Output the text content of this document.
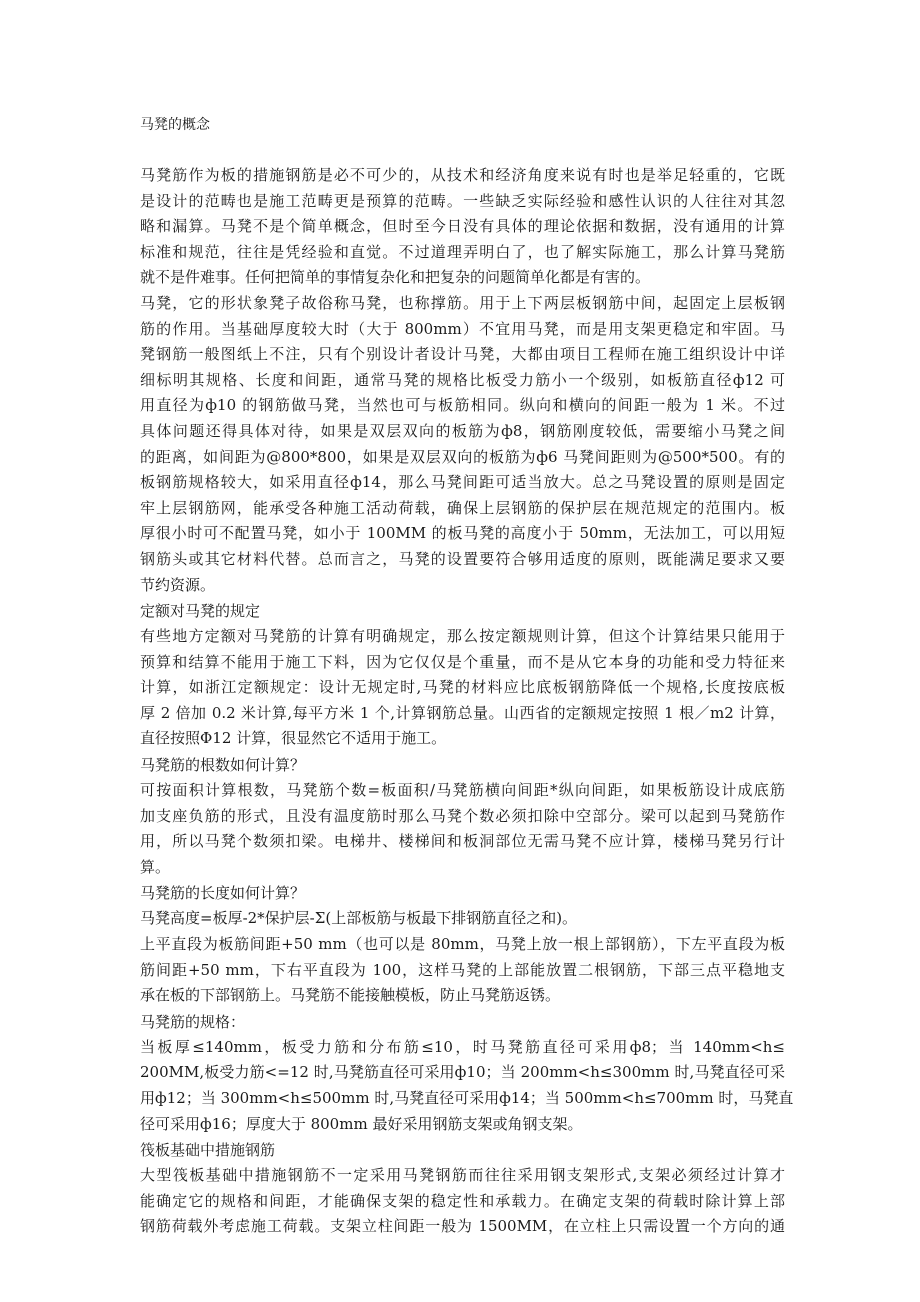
马凳的概念

马凳筋作为板的措施钢筋是必不可少的，从技术和经济角度来说有时也是举足轻重的，它既

是设计的范畴也是施工范畴更是预算的范畴。一些缺乏实际经验和感性认识的人往往对其忽

略和漏算。马凳不是个简单概念，但时至今日没有具体的理论依据和数据，没有通用的计算

标准和规范，往往是凭经验和直觉。不过道理弄明白了，也了解实际施工，那么计算马凳筋

就不是件难事。任何把简单的事情复杂化和把复杂的问题简单化都是有害的。

马凳，它的形状象凳子故俗称马凳，也称撑筋。用于上下两层板钢筋中间，起固定上层板钢

筋的作用。当基础厚度较大时（大于 800mm）不宜用马凳，而是用支架更稳定和牢固。马

凳钢筋一般图纸上不注，只有个别设计者设计马凳，大都由项目工程师在施工组织设计中详

细标明其规格、长度和间距，通常马凳的规格比板受力筋小一个级别，如板筋直径ф12 可

用直径为ф10 的钢筋做马凳，当然也可与板筋相同。纵向和横向的间距一般为 1 米。不过

具体问题还得具体对待，如果是双层双向的板筋为ф8，钢筋刚度较低，需要缩小马凳之间

的距离，如间距为@800*800，如果是双层双向的板筋为ф6 马凳间距则为@500*500。有的

板钢筋规格较大，如采用直径ф14，那么马凳间距可适当放大。总之马凳设置的原则是固定

牢上层钢筋网，能承受各种施工活动荷载，确保上层钢筋的保护层在规范规定的范围内。板

厚很小时可不配置马凳，如小于 100MM 的板马凳的高度小于 50mm，无法加工，可以用短

钢筋头或其它材料代替。总而言之，马凳的设置要符合够用适度的原则，既能满足要求又要

节约资源。

定额对马凳的规定

有些地方定额对马凳筋的计算有明确规定，那么按定额规则计算，但这个计算结果只能用于

预算和结算不能用于施工下料，因为它仅仅是个重量，而不是从它本身的功能和受力特征来

计算，如浙江定额规定：设计无规定时,马凳的材料应比底板钢筋降低一个规格,长度按底板

厚 2 倍加 0.2 米计算,每平方米 1 个,计算钢筋总量。山西省的定额规定按照 1 根／m2 计算，

直径按照Φ12 计算，很显然它不适用于施工。

马凳筋的根数如何计算？

可按面积计算根数，马凳筋个数=板面积/马凳筋横向间距*纵向间距，如果板筋设计成底筋

加支座负筋的形式，且没有温度筋时那么马凳个数必须扣除中空部分。梁可以起到马凳筋作

用，所以马凳个数须扣梁。电梯井、楼梯间和板洞部位无需马凳不应计算，楼梯马凳另行计

算。

马凳筋的长度如何计算？

马凳高度=板厚-2*保护层-Σ(上部板筋与板最下排钢筋直径之和)。

上平直段为板筋间距+50 mm（也可以是 80mm，马凳上放一根上部钢筋），下左平直段为板

筋间距+50 mm，下右平直段为 100，这样马凳的上部能放置二根钢筋，下部三点平稳地支

承在板的下部钢筋上。马凳筋不能接触模板，防止马凳筋返锈。

马凳筋的规格：

当板厚≤140mm，板受力筋和分布筋≤10，时马凳筋直径可采用ф8；当 140mm<h≤

200MM,板受力筋<=12 时,马凳筋直径可采用ф10；当 200mm<h≤300mm 时,马凳直径可采

用ф12；当 300mm<h≤500mm 时,马凳直径可采用ф14；当 500mm<h≤700mm 时，马凳直

径可采用ф16；厚度大于 800mm 最好采用钢筋支架或角钢支架。

筏板基础中措施钢筋

大型筏板基础中措施钢筋不一定采用马凳钢筋而往往采用钢支架形式,支架必须经过计算才

能确定它的规格和间距，才能确保支架的稳定性和承载力。在确定支架的荷载时除计算上部

钢筋荷载外考虑施工荷载。支架立柱间距一般为 1500MM，在立柱上只需设置一个方向的通
